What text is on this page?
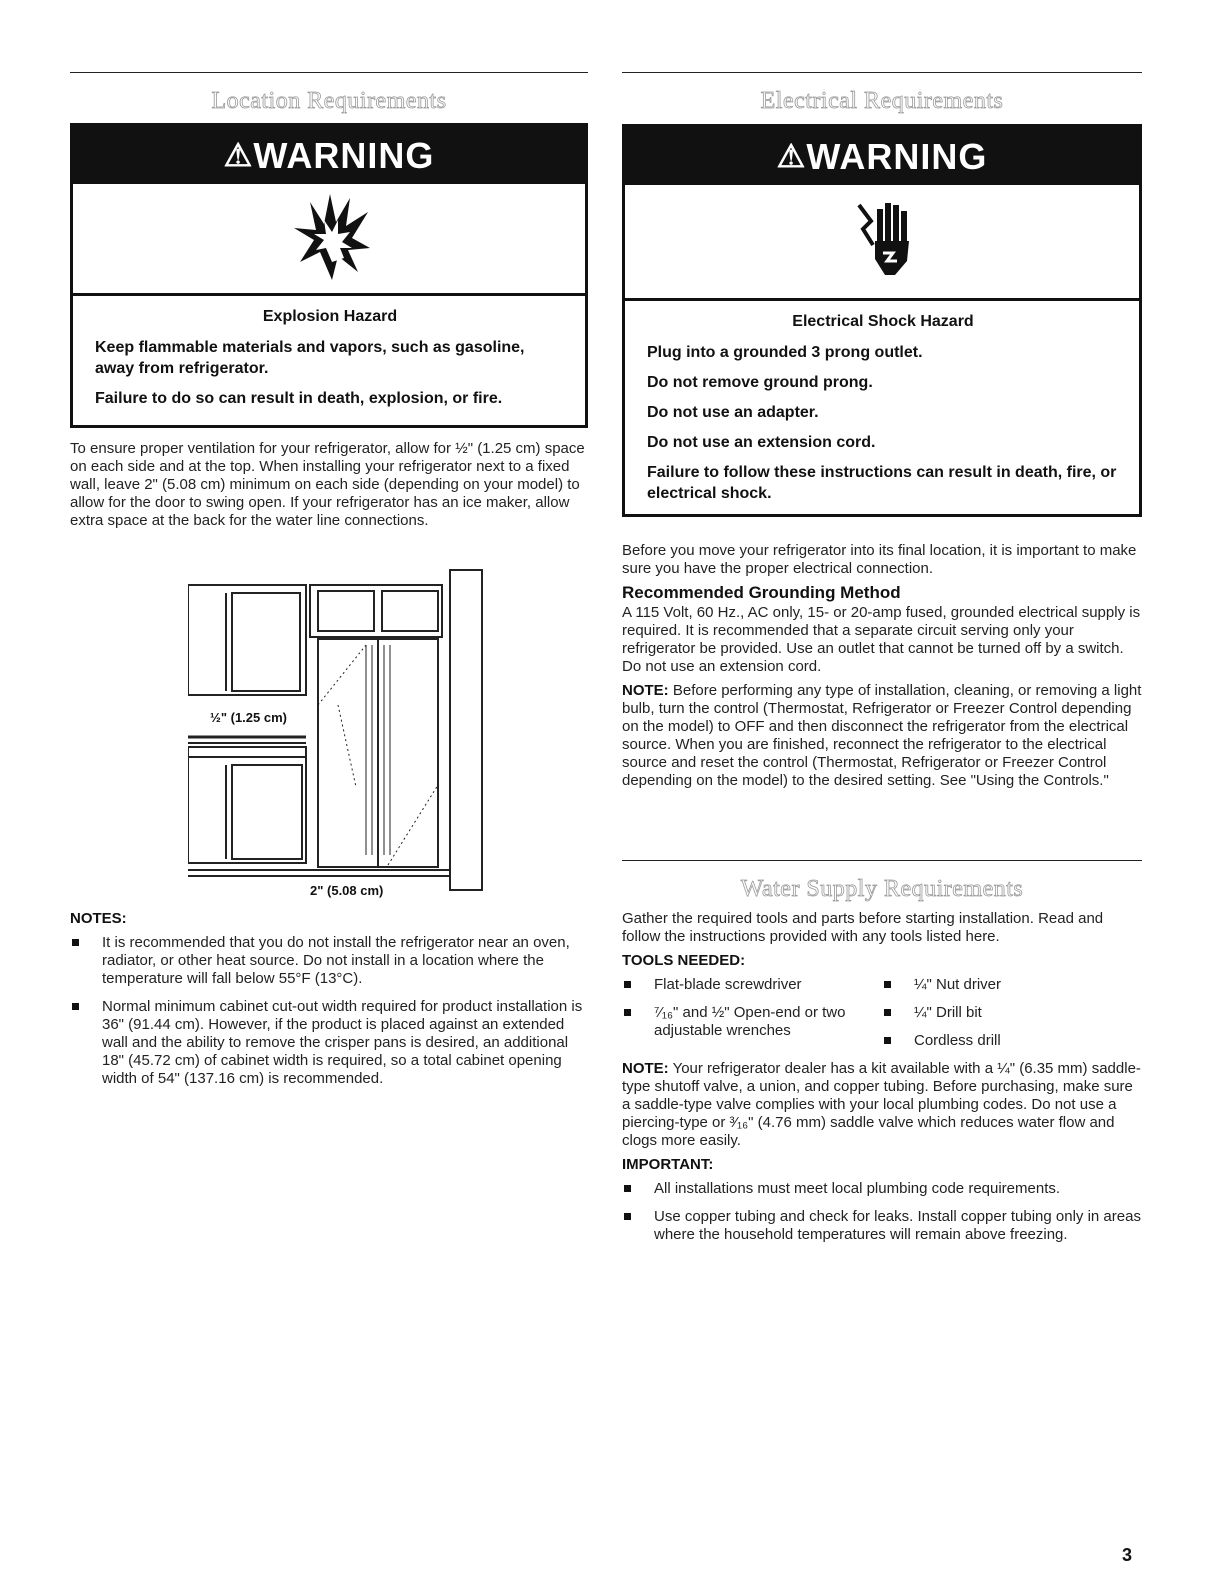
Location Requirements
⚠WARNING
Explosion Hazard

Keep flammable materials and vapors, such as gasoline, away from refrigerator.

Failure to do so can result in death, explosion, or fire.

To ensure proper ventilation for your refrigerator, allow for ½" (1.25 cm) space on each side and at the top. When installing your refrigerator next to a fixed wall, leave 2" (5.08 cm) minimum on each side (depending on your model) to allow for the door to swing open. If your refrigerator has an ice maker, allow extra space at the back for the water line connections.

½" (1.25 cm)
2" (5.08 cm)
NOTES:
It is recommended that you do not install the refrigerator near an oven, radiator, or other heat source. Do not install in a location where the temperature will fall below 55°F (13°C).
Normal minimum cabinet cut-out width required for product installation is 36" (91.44 cm). However, if the product is placed against an extended wall and the ability to remove the crisper pans is desired, an additional 18" (45.72 cm) of cabinet width is required, so a total cabinet opening width of 54" (137.16 cm) is recommended.
Electrical Requirements
⚠WARNING
Electrical Shock Hazard

Plug into a grounded 3 prong outlet.

Do not remove ground prong.

Do not use an adapter.

Do not use an extension cord.

Failure to follow these instructions can result in death, fire, or electrical shock.

Before you move your refrigerator into its final location, it is important to make sure you have the proper electrical connection.

Recommended Grounding Method

A 115 Volt, 60 Hz., AC only, 15- or 20-amp fused, grounded electrical supply is required. It is recommended that a separate circuit serving only your refrigerator be provided. Use an outlet that cannot be turned off by a switch. Do not use an extension cord.

NOTE: Before performing any type of installation, cleaning, or removing a light bulb, turn the control (Thermostat, Refrigerator or Freezer Control depending on the model) to OFF and then disconnect the refrigerator from the electrical source. When you are finished, reconnect the refrigerator to the electrical source and reset the control (Thermostat, Refrigerator or Freezer Control depending on the model) to the desired setting. See "Using the Controls."

Water Supply Requirements

Gather the required tools and parts before starting installation. Read and follow the instructions provided with any tools listed here.

TOOLS NEEDED:
Flat-blade screwdriver
⁷⁄₁₆" and ½" Open-end or two adjustable wrenches
¼" Nut driver
¼" Drill bit
Cordless drill

NOTE: Your refrigerator dealer has a kit available with a ¼" (6.35 mm) saddle-type shutoff valve, a union, and copper tubing. Before purchasing, make sure a saddle-type valve complies with your local plumbing codes. Do not use a piercing-type or ³⁄₁₆" (4.76 mm) saddle valve which reduces water flow and clogs more easily.

IMPORTANT:
All installations must meet local plumbing code requirements.
Use copper tubing and check for leaks. Install copper tubing only in areas where the household temperatures will remain above freezing.
3
